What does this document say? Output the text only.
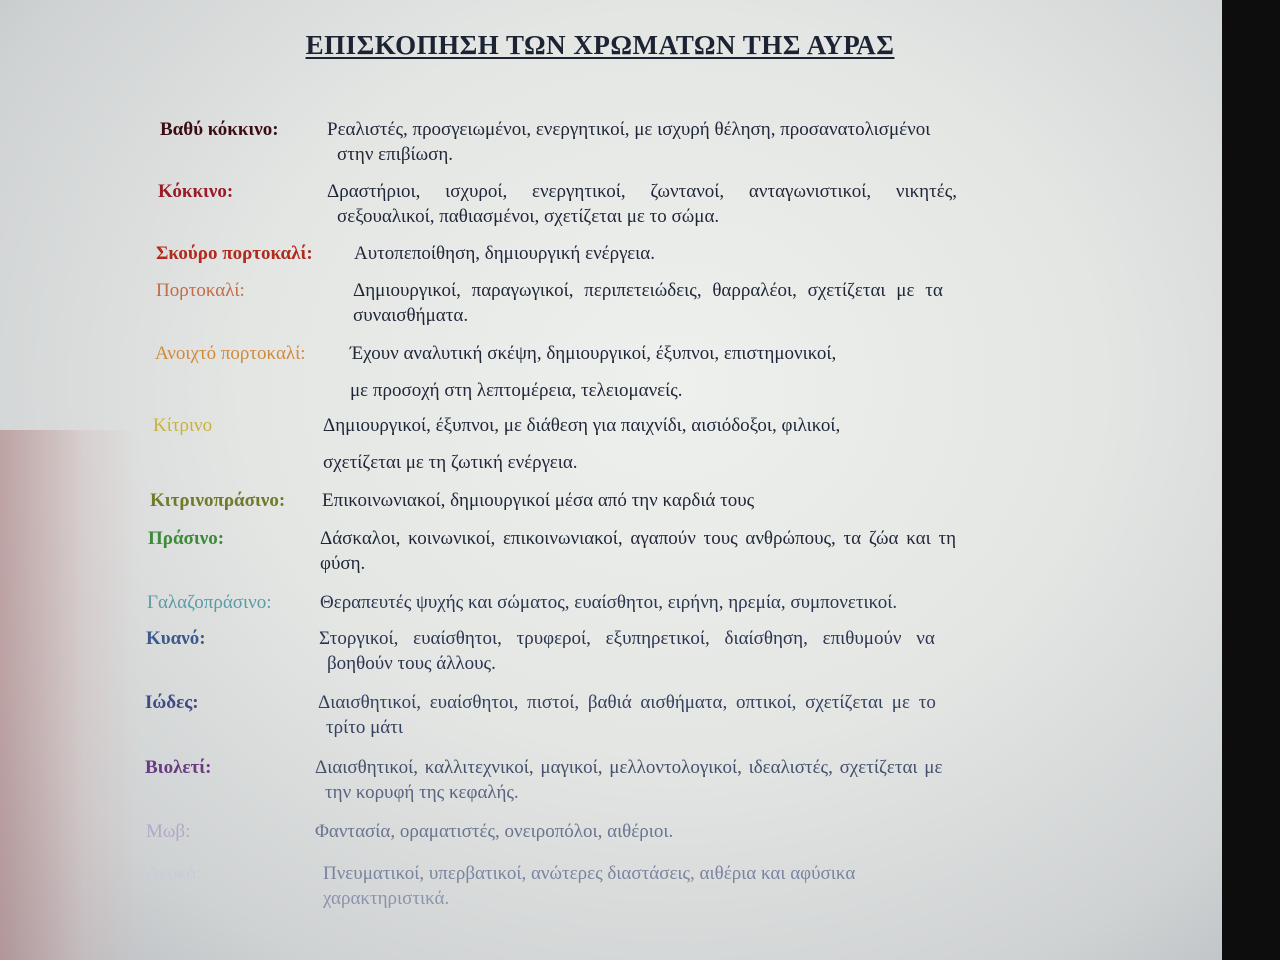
ΕΠΙΣΚΟΠΗΣΗ ΤΩΝ ΧΡΩΜΑΤΩΝ ΤΗΣ ΑΥΡΑΣ
Βαθύ κόκκινο:	Ρεαλιστές, προσγειωμένοι, ενεργητικοί, με ισχυρή θέληση, προσανατολισμένοι
στην επιβίωση.
Κόκκινο:	Δραστήριοι, ισχυροί, ενεργητικοί, ζωντανοί, ανταγωνιστικοί, νικητές,
σεξουαλικοί, παθιασμένοι, σχετίζεται με το σώμα.
Σκούρο πορτοκαλί: Αυτοπεποίθηση, δημιουργική ενέργεια.
Πορτοκαλί:	Δημιουργικοί, παραγωγικοί, περιπετειώδεις, θαρραλέοι, σχετίζεται με τα
συναισθήματα.
Ανοιχτό πορτοκαλί: Έχουν αναλυτική σκέψη, δημιουργικοί, έξυπνοι, επιστημονικοί,
με προσοχή στη λεπτομέρεια, τελειομανείς.
Κίτρινο	Δημιουργικοί, έξυπνοι, με διάθεση για παιχνίδι, αισιόδοξοι, φιλικοί,
σχετίζεται με τη ζωτική ενέργεια.
Κιτρινοπράσινο: Επικοινωνιακοί, δημιουργικοί μέσα από την καρδιά τους
Πράσινο:	Δάσκαλοι, κοινωνικοί, επικοινωνιακοί, αγαπούν τους ανθρώπους, τα ζώα και τη
φύση.
Γαλαζοπράσινο:	Θεραπευτές ψυχής και σώματος, ευαίσθητοι, ειρήνη, ηρεμία, συμπονετικοί.
Κυανό:	Στοργικοί, ευαίσθητοι, τρυφεροί, εξυπηρετικοί, διαίσθηση, επιθυμούν να
βοηθούν τους άλλους.
Ιώδες:	Διαισθητικοί, ευαίσθητοι, πιστοί, βαθιά αισθήματα, οπτικοί, σχετίζεται με το
τρίτο μάτι
Βιολετί:	Διαισθητικοί, καλλιτεχνικοί, μαγικοί, μελλοντολογικοί, ιδεαλιστές, σχετίζεται με
την κορυφή της κεφαλής.
Μωβ:	Φαντασία, οραματιστές, ονειροπόλοι, αιθέριοι.
Λευκό:	Πνευματικοί, υπερβατικοί, ανώτερες διαστάσεις, αιθέρια και αφύσικα
χαρακτηριστικά.
